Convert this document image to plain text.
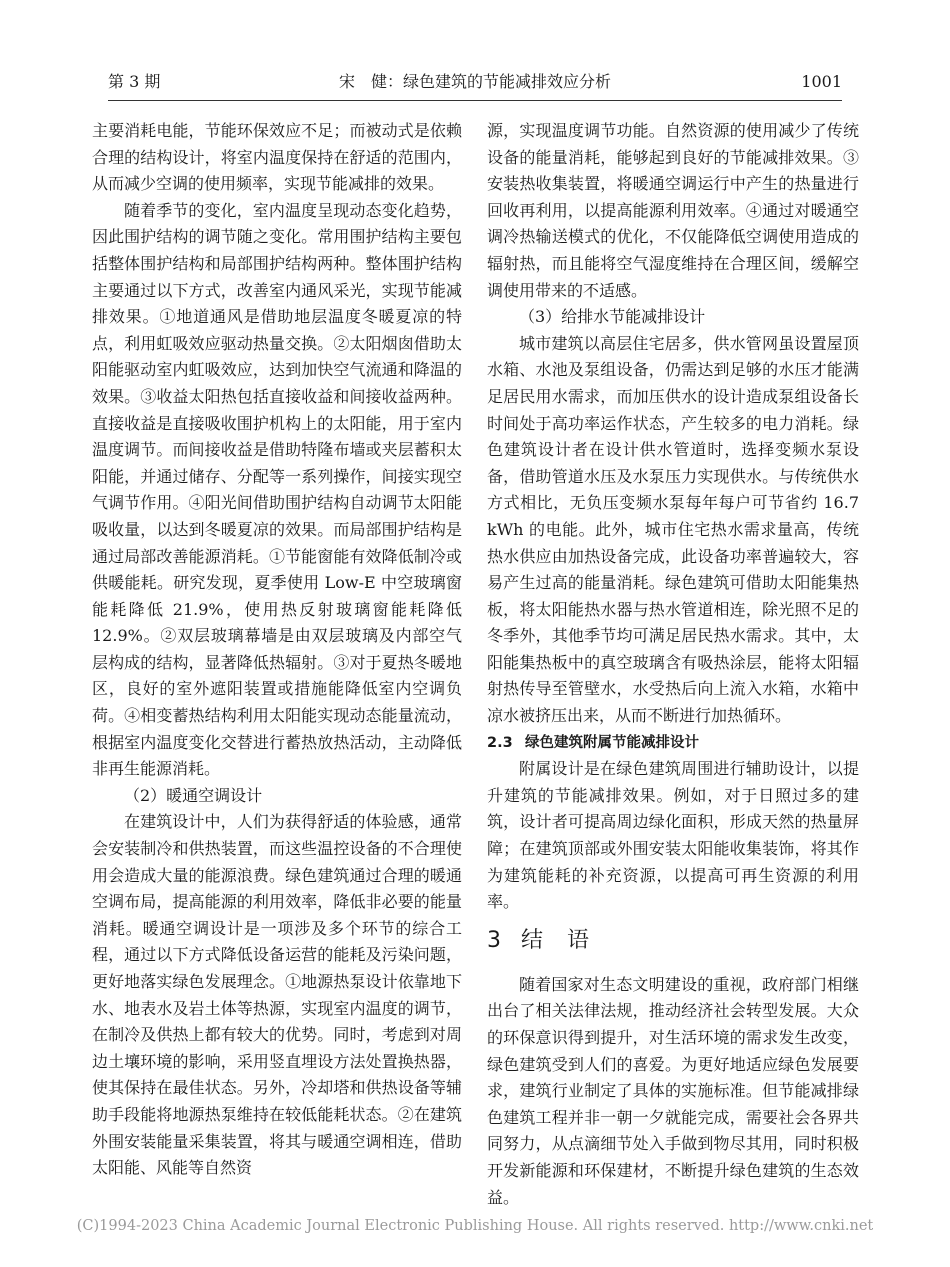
第 3 期	宋　健：绿色建筑的节能减排效应分析	1001

主要消耗电能，节能环保效应不足；而被动式是依赖合理的结构设计，将室内温度保持在舒适的范围内，从而减少空调的使用频率，实现节能减排的效果。

随着季节的变化，室内温度呈现动态变化趋势，因此围护结构的调节随之变化。常用围护结构主要包括整体围护结构和局部围护结构两种。整体围护结构主要通过以下方式，改善室内通风采光，实现节能减排效果。①地道通风是借助地层温度冬暖夏凉的特点，利用虹吸效应驱动热量交换。②太阳烟囱借助太阳能驱动室内虹吸效应，达到加快空气流通和降温的效果。③收益太阳热包括直接收益和间接收益两种。直接收益是直接吸收围护机构上的太阳能，用于室内温度调节。而间接收益是借助特隆布墙或夹层蓄积太阳能，并通过储存、分配等一系列操作，间接实现空气调节作用。④阳光间借助围护结构自动调节太阳能吸收量，以达到冬暖夏凉的效果。而局部围护结构是通过局部改善能源消耗。①节能窗能有效降低制冷或供暖能耗。研究发现，夏季使用 Low-E 中空玻璃窗能耗降低 21.9%，使用热反射玻璃窗能耗降低 12.9%。②双层玻璃幕墙是由双层玻璃及内部空气层构成的结构，显著降低热辐射。③对于夏热冬暖地区，良好的室外遮阳装置或措施能降低室内空调负荷。④相变蓄热结构利用太阳能实现动态能量流动，根据室内温度变化交替进行蓄热放热活动，主动降低非再生能源消耗。

（2）暖通空调设计

在建筑设计中，人们为获得舒适的体验感，通常会安装制冷和供热装置，而这些温控设备的不合理使用会造成大量的能源浪费。绿色建筑通过合理的暖通空调布局，提高能源的利用效率，降低非必要的能量消耗。暖通空调设计是一项涉及多个环节的综合工程，通过以下方式降低设备运营的能耗及污染问题，更好地落实绿色发展理念。①地源热泵设计依靠地下水、地表水及岩土体等热源，实现室内温度的调节，在制冷及供热上都有较大的优势。同时，考虑到对周边土壤环境的影响，采用竖直埋设方法处置换热器，使其保持在最佳状态。另外，冷却塔和供热设备等辅助手段能将地源热泵维持在较低能耗状态。②在建筑外围安装能量采集装置，将其与暖通空调相连，借助太阳能、风能等自然资

源，实现温度调节功能。自然资源的使用减少了传统设备的能量消耗，能够起到良好的节能减排效果。③安装热收集装置，将暖通空调运行中产生的热量进行回收再利用，以提高能源利用效率。④通过对暖通空调冷热输送模式的优化，不仅能降低空调使用造成的辐射热，而且能将空气湿度维持在合理区间，缓解空调使用带来的不适感。

（3）给排水节能减排设计

城市建筑以高层住宅居多，供水管网虽设置屋顶水箱、水池及泵组设备，仍需达到足够的水压才能满足居民用水需求，而加压供水的设计造成泵组设备长时间处于高功率运作状态，产生较多的电力消耗。绿色建筑设计者在设计供水管道时，选择变频水泵设备，借助管道水压及水泵压力实现供水。与传统供水方式相比，无负压变频水泵每年每户可节省约 16.7 kWh 的电能。此外，城市住宅热水需求量高，传统热水供应由加热设备完成，此设备功率普遍较大，容易产生过高的能量消耗。绿色建筑可借助太阳能集热板，将太阳能热水器与热水管道相连，除光照不足的冬季外，其他季节均可满足居民热水需求。其中，太阳能集热板中的真空玻璃含有吸热涂层，能将太阳辐射热传导至管壁水，水受热后向上流入水箱，水箱中凉水被挤压出来，从而不断进行加热循环。

2.3 绿色建筑附属节能减排设计

附属设计是在绿色建筑周围进行辅助设计，以提升建筑的节能减排效果。例如，对于日照过多的建筑，设计者可提高周边绿化面积，形成天然的热量屏障；在建筑顶部或外围安装太阳能收集装饰，将其作为建筑能耗的补充资源，以提高可再生资源的利用率。

3 结　语

随着国家对生态文明建设的重视，政府部门相继出台了相关法律法规，推动经济社会转型发展。大众的环保意识得到提升，对生活环境的需求发生改变，绿色建筑受到人们的喜爱。为更好地适应绿色发展要求，建筑行业制定了具体的实施标准。但节能减排绿色建筑工程并非一朝一夕就能完成，需要社会各界共同努力，从点滴细节处入手做到物尽其用，同时积极开发新能源和环保建材，不断提升绿色建筑的生态效益。

(C)1994-2023 China Academic Journal Electronic Publishing House. All rights reserved. http://www.cnki.net
